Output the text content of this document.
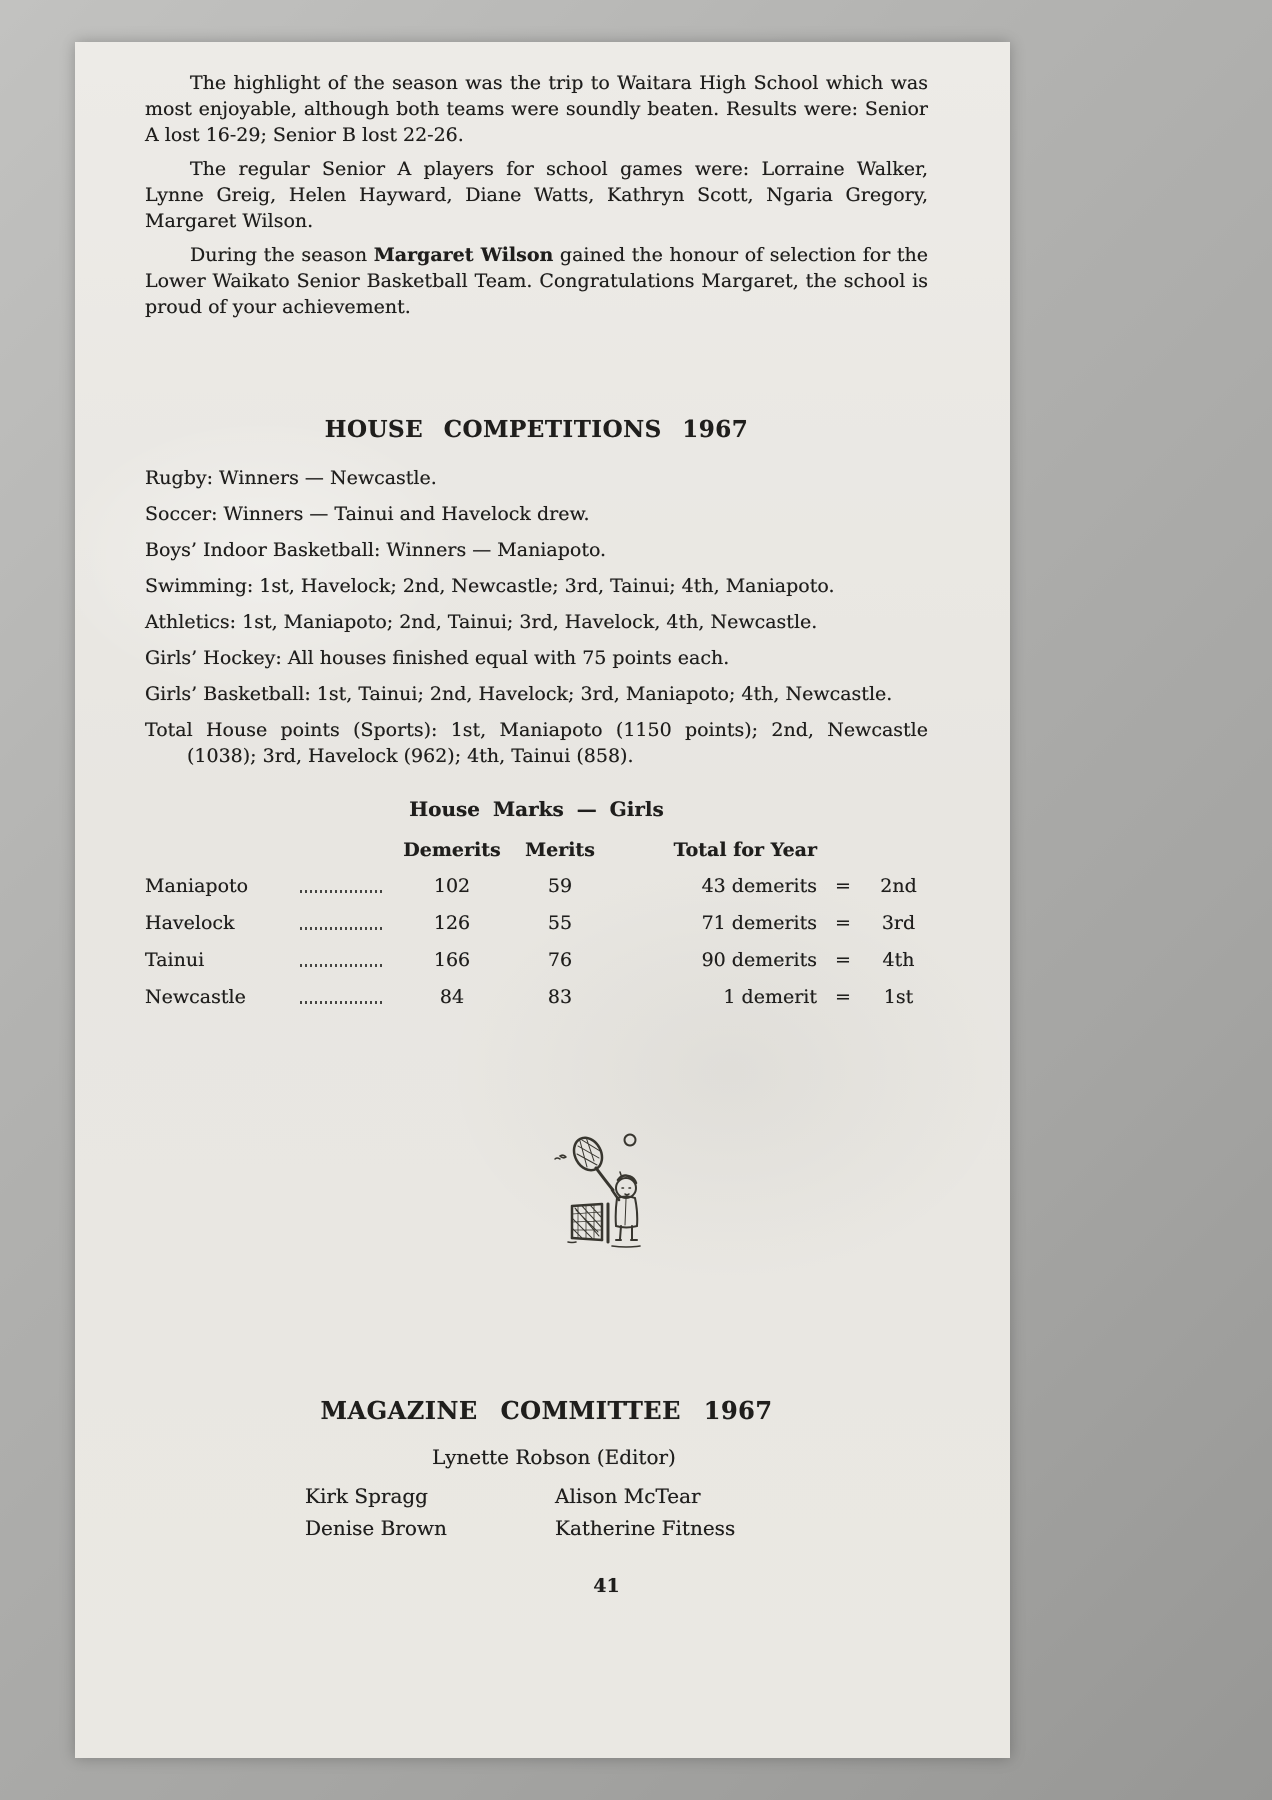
The highlight of the season was the trip to Waitara High School which was most enjoyable, although both teams were soundly beaten. Results were: Senior A lost 16-29; Senior B lost 22-26.

The regular Senior A players for school games were: Lorraine Walker, Lynne Greig, Helen Hayward, Diane Watts, Kathryn Scott, Ngaria Gregory, Margaret Wilson.

During the season Margaret Wilson gained the honour of selection for the Lower Waikato Senior Basketball Team. Congratulations Margaret, the school is proud of your achievement.

HOUSE COMPETITIONS 1967

Rugby: Winners — Newcastle.

Soccer: Winners — Tainui and Havelock drew.

Boys’ Indoor Basketball: Winners — Maniapoto.

Swimming: 1st, Havelock; 2nd, Newcastle; 3rd, Tainui; 4th, Maniapoto.

Athletics: 1st, Maniapoto; 2nd, Tainui; 3rd, Havelock, 4th, Newcastle.

Girls’ Hockey: All houses finished equal with 75 points each.

Girls’ Basketball: 1st, Tainui; 2nd, Havelock; 3rd, Maniapoto; 4th, Newcastle.

Total House points (Sports): 1st, Maniapoto (1150 points); 2nd, Newcastle (1038); 3rd, Havelock (962); 4th, Tainui (858).

House Marks — Girls
Demerits	Merits	Total for Year
Maniapoto	102	59	43 demerits =	2nd
Havelock	126	55	71 demerits =	3rd
Tainui	166	76	90 demerits =	4th
Newcastle	84	83	1 demerit =	1st
MAGAZINE COMMITTEE 1967

Lynette Robson (Editor)

Kirk Spragg	Alison McTear
Denise Brown	Katherine Fitness
41
